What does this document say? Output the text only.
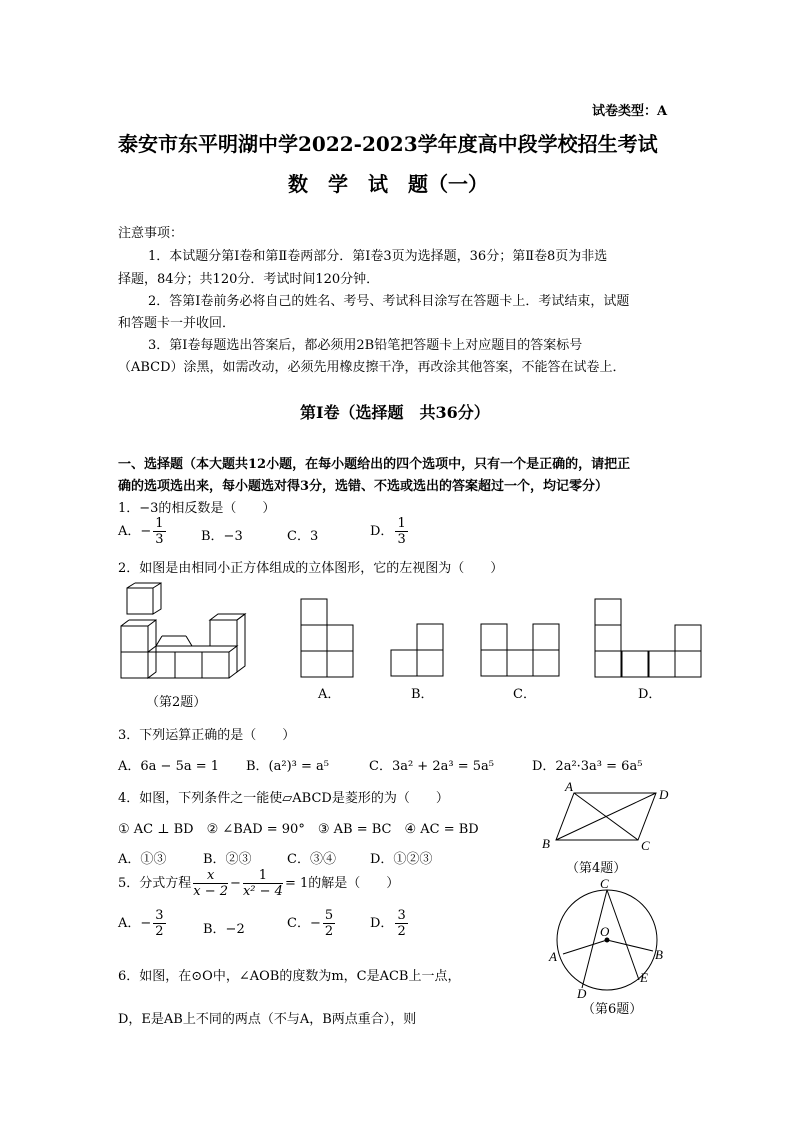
试卷类型：A
泰安市东平明湖中学2022-2023学年度高中段学校招生考试
数　学　试　题（一）
注意事项：
1．本试题分第Ⅰ卷和第Ⅱ卷两部分．第Ⅰ卷3页为选择题，36分；第Ⅱ卷8页为非选
择题，84分；共120分．考试时间120分钟．
2．答第Ⅰ卷前务必将自己的姓名、考号、考试科目涂写在答题卡上．考试结束，试题
和答题卡一并收回．
3．第Ⅰ卷每题选出答案后，都必须用2B铅笔把答题卡上对应题目的答案标号
（ABCD）涂黑，如需改动，必须先用橡皮擦干净，再改涂其他答案，不能答在试卷上．
第Ⅰ卷（选择题　共36分）
一、选择题（本大题共12小题，在每小题给出的四个选项中，只有一个是正确的，请把正
确的选项选出来，每小题选对得3分，选错、不选或选出的答案超过一个，均记零分）
1．−3的相反数是（　　）
A．− $\frac{1}{3}$	B．−3	C．3	D． $\frac{1}{3}$
2．如图是由相同小正方体组成的立体图形，它的左视图为（　　）
（第2题）
A．	B．	C．	D．
3．下列运算正确的是（　　）
A．6a − 5a = 1 B．(a²)³ = a⁵	C．3a² + 2a³ = 5a⁵	D．2a²·3a³ = 6a⁵
4．如图，下列条件之一能使▱ABCD是菱形的为（　　）
① AC ⊥ BD　② ∠BAD = 90°　③ AB = BC　④ AC = BD
A．①③	B．②③	C．③④	D．①②③
A
D
B	C
（第4题）
5．分式方程 $\frac{x}{x - 2} - \frac{1}{\text{x² − 4}} = 1$的解是（　　）
A．− $\frac{3}{2}$	B．−2	C．− $\frac{5}{2}$	D． $\frac{3}{2}$
6．如图，在⊙O中，∠AOB的度数为m，C是ACB上一点，
D，E是AB上不同的两点（不与A，B两点重合），则
C
O
A	B
D
E
（第6题）
